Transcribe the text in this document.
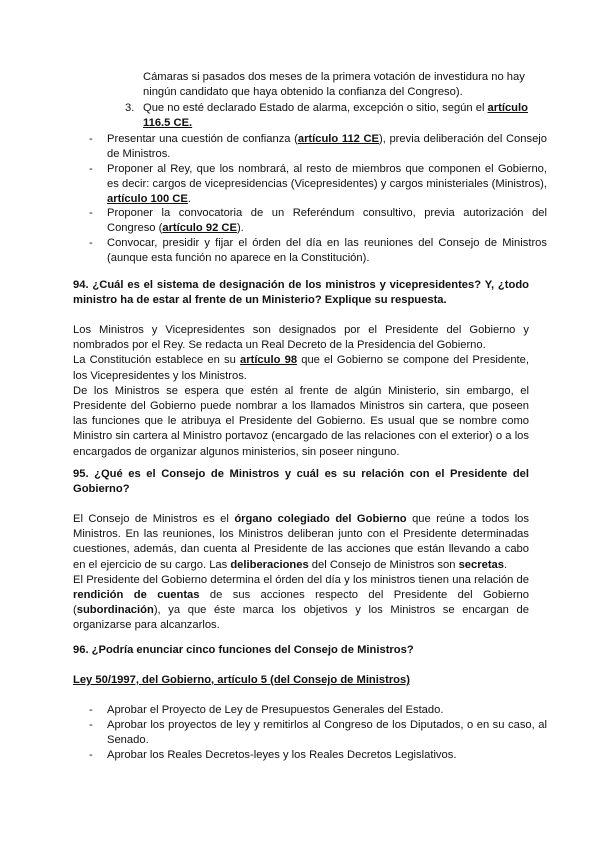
Cámaras si pasados dos meses de la primera votación de investidura no hay ningún candidato que haya obtenido la confianza del Congreso).

3. Que no esté declarado Estado de alarma, excepción o sitio, según el artículo 116.5 CE.
- Presentar una cuestión de confianza (artículo 112 CE), previa deliberación del Consejo de Ministros.
- Proponer al Rey, que los nombrará, al resto de miembros que componen el Gobierno, es decir: cargos de vicepresidencias (Vicepresidentes) y cargos ministeriales (Ministros), artículo 100 CE.
- Proponer la convocatoria de un Referéndum consultivo, previa autorización del Congreso (artículo 92 CE).
- Convocar, presidir y fijar el órden del día en las reuniones del Consejo de Ministros (aunque esta función no aparece en la Constitución).

94. ¿Cuál es el sistema de designación de los ministros y vicepresidentes? Y, ¿todo ministro ha de estar al frente de un Ministerio? Explique su respuesta.

Los Ministros y Vicepresidentes son designados por el Presidente del Gobierno y nombrados por el Rey. Se redacta un Real Decreto de la Presidencia del Gobierno.

La Constitución establece en su artículo 98 que el Gobierno se compone del Presidente, los Vicepresidentes y los Ministros.

De los Ministros se espera que estén al frente de algún Ministerio, sin embargo, el Presidente del Gobierno puede nombrar a los llamados Ministros sin cartera, que poseen las funciones que le atribuya el Presidente del Gobierno. Es usual que se nombre como Ministro sin cartera al Ministro portavoz (encargado de las relaciones con el exterior) o a los encargados de organizar algunos ministerios, sin poseer ninguno.

95. ¿Qué es el Consejo de Ministros y cuál es su relación con el Presidente del Gobierno?

El Consejo de Ministros es el órgano colegiado del Gobierno que reúne a todos los Ministros. En las reuniones, los Ministros deliberan junto con el Presidente determinadas cuestiones, además, dan cuenta al Presidente de las acciones que están llevando a cabo en el ejercicio de su cargo. Las deliberaciones del Consejo de Ministros son secretas.

El Presidente del Gobierno determina el órden del día y los ministros tienen una relación de rendición de cuentas de sus acciones respecto del Presidente del Gobierno (subordinación), ya que éste marca los objetivos y los Ministros se encargan de organizarse para alcanzarlos.

96. ¿Podría enunciar cinco funciones del Consejo de Ministros?

Ley 50/1997, del Gobierno, artículo 5 (del Consejo de Ministros)

- Aprobar el Proyecto de Ley de Presupuestos Generales del Estado.
- Aprobar los proyectos de ley y remitirlos al Congreso de los Diputados, o en su caso, al Senado.
- Aprobar los Reales Decretos-leyes y los Reales Decretos Legislativos.
